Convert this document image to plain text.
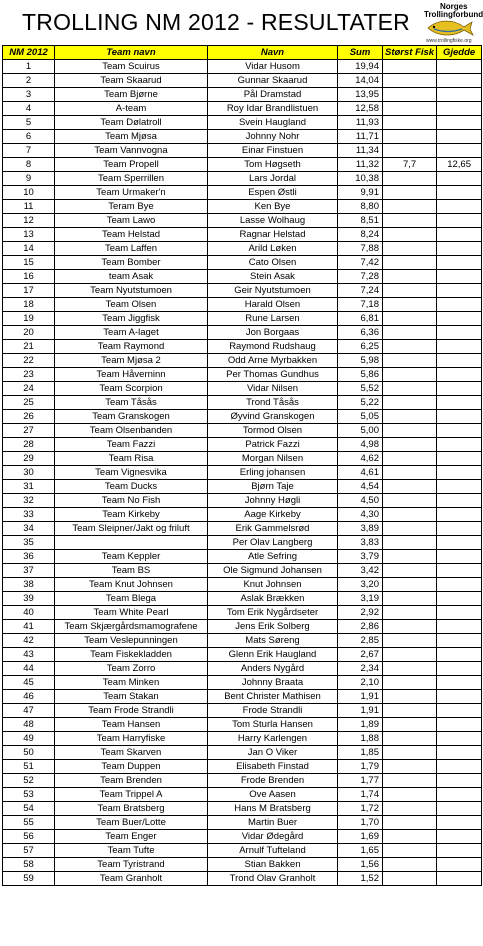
TROLLING NM 2012 - RESULTATER
Norges
Trollingforbund
www.trollingfiske.org
NM 2012	Team navn	Navn	Sum	Størst Fisk	Gjedde
1	Team Scuirus	Vidar Husom	19,94		
2	Team Skaarud	Gunnar Skaarud	14,04		
3	Team Bjørne	Pål Dramstad	13,95		
4	A-team	Roy Idar Brandlistuen	12,58		
5	Team Dølatroll	Svein Haugland	11,93		
6	Team Mjøsa	Johnny Nohr	11,71		
7	Team Vannvogna	Einar Finstuen	11,34		
8	Team Propell	Tom Høgseth	11,32	7,7	12,65
9	Team Sperrillen	Lars Jordal	10,38		
10	Team Urmaker'n	Espen Østli	9,91		
11	Teram Bye	Ken Bye	8,80		
12	Team Lawo	Lasse Wolhaug	8,51		
13	Team Helstad	Ragnar Helstad	8,24		
14	Team Laffen	Arild Løken	7,88		
15	Team Bomber	Cato Olsen	7,42		
16	team Asak	Stein Asak	7,28		
17	Team Nyutstumoen	Geir Nyutstumoen	7,24		
18	Team Olsen	Harald Olsen	7,18		
19	Team Jiggfisk	Rune Larsen	6,81		
20	Team A-laget	Jon Borgaas	6,36		
21	Team Raymond	Raymond Rudshaug	6,25		
22	Team Mjøsa 2	Odd Arne Myrbakken	5,98		
23	Team Håverninn	Per Thomas Gundhus	5,86		
24	Team Scorpion	Vidar Nilsen	5,52		
25	Team Tåsås	Trond Tåsås	5,22		
26	Team Granskogen	Øyvind Granskogen	5,05		
27	Team Olsenbanden	Tormod Olsen	5,00		
28	Team Fazzi	Patrick Fazzi	4,98		
29	Team Risa	Morgan Nilsen	4,62		
30	Team Vignesvika	Erling johansen	4,61		
31	Team Ducks	Bjørn Taje	4,54		
32	Team No Fish	Johnny Høgli	4,50		
33	Team Kirkeby	Aage Kirkeby	4,30		
34	Team Sleipner/Jakt og friluft	Erik Gammelsrød	3,89		
35		Per Olav Langberg	3,83		
36	Team Keppler	Atle Sefring	3,79		
37	Team BS	Ole Sigmund Johansen	3,42		
38	Team Knut Johnsen	Knut Johnsen	3,20		
39	Team Blega	Aslak Brækken	3,19		
40	Team White Pearl	Tom Erik Nygårdseter	2,92		
41	Team Skjærgårdsmamografene	Jens Erik Solberg	2,86		
42	Team Veslepunningen	Mats Søreng	2,85		
43	Team Fiskekladden	Glenn Erik Haugland	2,67		
44	Team Zorro	Anders Nygård	2,34		
45	Team Minken	Johnny Braata	2,10		
46	Team Stakan	Bent Christer Mathisen	1,91		
47	Team Frode Strandli	Frode Strandli	1,91		
48	Team Hansen	Tom Sturla Hansen	1,89		
49	Team Harryfiske	Harry Karlengen	1,88		
50	Team Skarven	Jan O Viker	1,85		
51	Team Duppen	Elisabeth Finstad	1,79		
52	Team Brenden	Frode Brenden	1,77		
53	Team Trippel A	Ove Aasen	1,74		
54	Team Bratsberg	Hans M Bratsberg	1,72		
55	Team Buer/Lotte	Martin Buer	1,70		
56	Team Enger	Vidar Ødegård	1,69		
57	Team Tufte	Arnulf Tufteland	1,65		
58	Team Tyristrand	Stian Bakken	1,56		
59	Team Granholt	Trond Olav Granholt	1,52		
